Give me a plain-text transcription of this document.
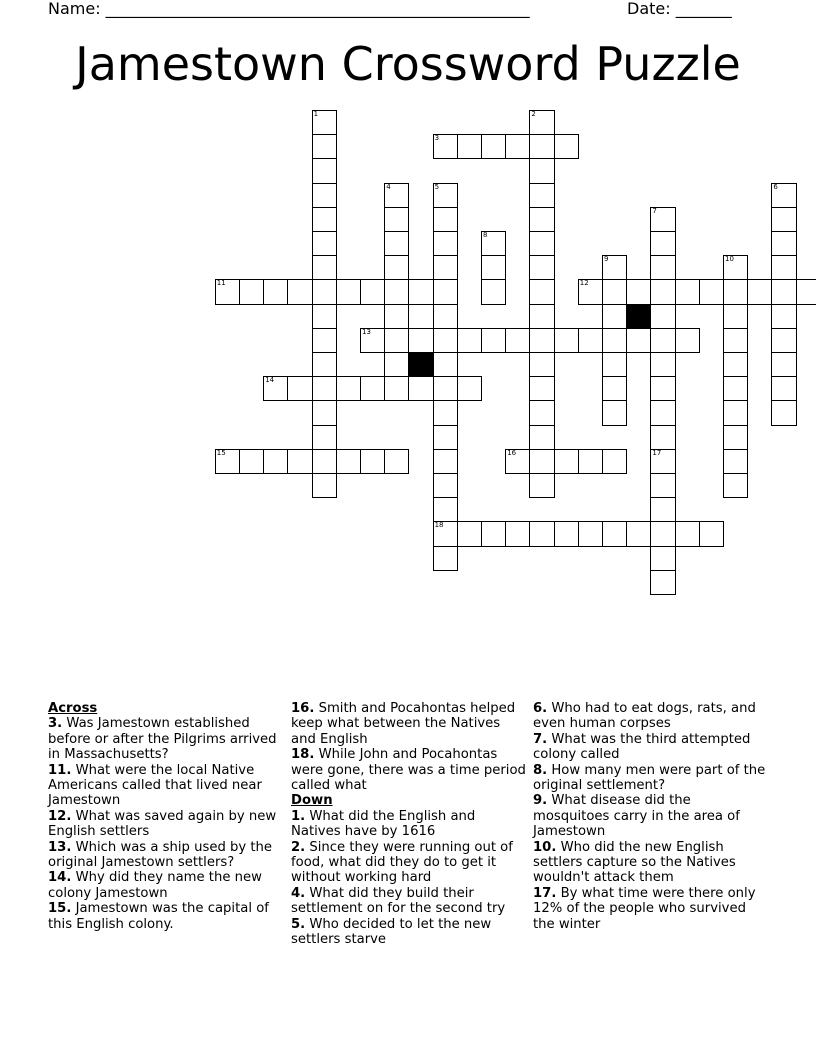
Name: _____________________________________________________	Date: _______
Jamestown Crossword Puzzle
1	2
4	5
18
6
7
8
9	10
17
3
11	12
13
14
15	16
Across
3. Was Jamestown established before or after the Pilgrims arrived in Massachusetts?
11. What were the local Native Americans called that lived near Jamestown
12. What was saved again by new English settlers
13. Which was a ship used by the original Jamestown settlers?
14. Why did they name the new colony Jamestown
15. Jamestown was the capital of this English colony.
16. Smith and Pocahontas helped keep what between the Natives and English
18. While John and Pocahontas were gone, there was a time period called what
Down
1. What did the English and Natives have by 1616
2. Since they were running out of food, what did they do to get it without working hard
4. What did they build their settlement on for the second try
5. Who decided to let the new settlers starve
6. Who had to eat dogs, rats, and even human corpses
7. What was the third attempted colony called
8. How many men were part of the original settlement?
9. What disease did the mosquitoes carry in the area of Jamestown
10. Who did the new English settlers capture so the Natives wouldn't attack them
17. By what time were there only 12% of the people who survived the winter
